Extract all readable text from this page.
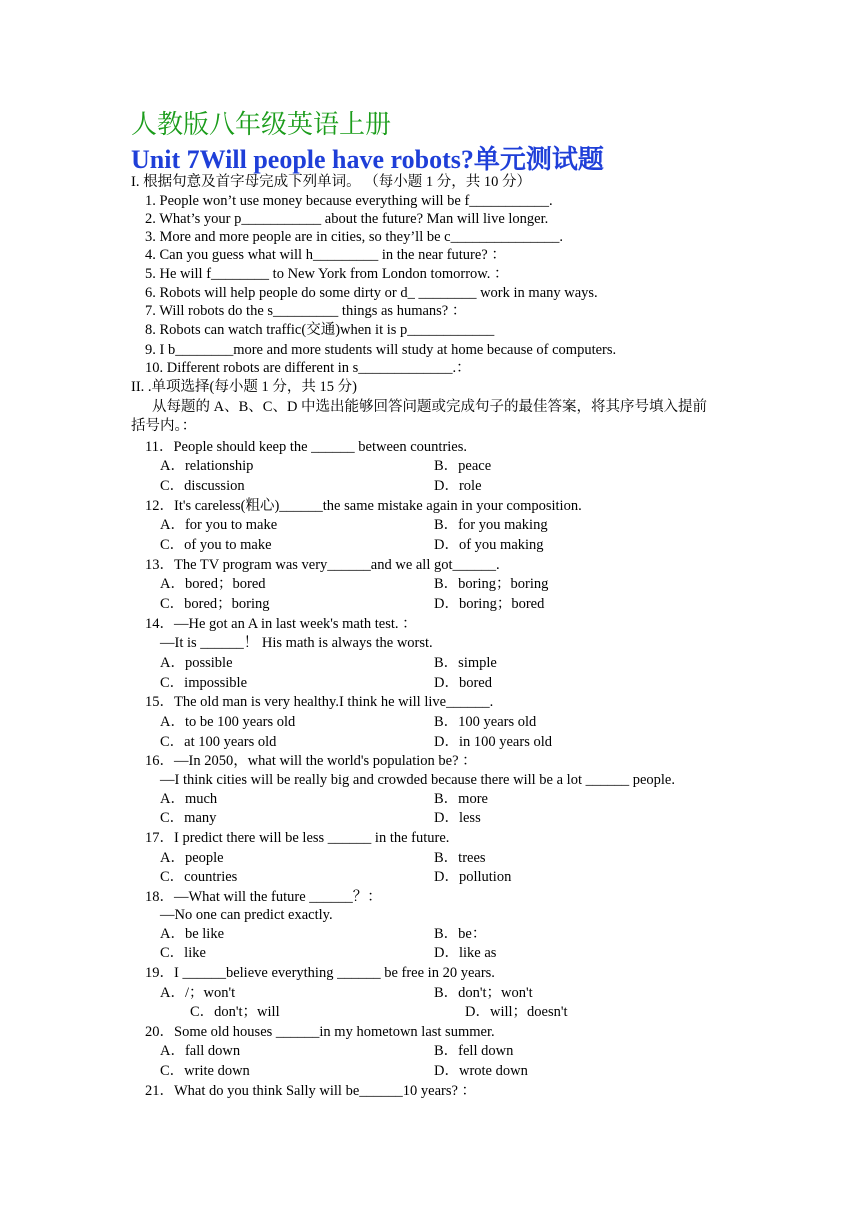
人教版八年级英语上册
Unit 7Will people have robots?单元测试题
I. 根据句意及首字母完成下列单词。 （每小题 1 分，共 10 分）
1. People won’t use money because everything will be f___________.
2. What’s your p___________ about the future? Man will live longer.
3. More and more people are in cities, so they’ll be c_______________.
4. Can you guess what will h_________ in the near future? ：
5. He will f________ to New York from London tomorrow. ：
6. Robots will help people do some dirty or d_ ________ work in many ways.
7. Will robots do the s_________ things as humans? ：
8. Robots can watch traffic(交通)when it is p____________
9. I b________more and more students will study at home because of computers.
10. Different robots are different in s_____________.：
II. .单项选择(每小题 1 分，共 15 分)
从每题的 A、B、C、D 中选出能够回答问题或完成句子的最佳答案，将其序号填入提前
括号内。：
11．People should keep the ______ between countries.
A．relationship	B．peace
C．discussion	D．role
12．It's careless(粗心)______the same mistake again in your composition.
A．for you to make	B．for you making
C．of you to make	D．of you making
13．The TV program was very______and we all got______.
A．bored；bored	B．boring；boring
C．bored；boring	D．boring；bored
14．—He got an A in last week's math test. ：
—It is ______！ His math is always the worst.
A．possible	B．simple
C．impossible	D．bored
15．The old man is very healthy.I think he will live______.
A．to be 100 years old	B．100 years old
C．at 100 years old	D．in 100 years old
16．—In 2050，what will the world's population be? ：
—I think cities will be really big and crowded because there will be a lot ______ people.
A．much	B．more
C．many	D．less
17．I predict there will be less ______ in the future.
A．people	B．trees
C．countries	D．pollution
18．—What will the future ______？：
—No one can predict exactly.
A．be like	B．be：
C．like	D．like as
19．I ______believe everything ______ be free in 20 years.
A．/；won't	B．don't；won't
C．don't；will	D．will；doesn't
20．Some old houses ______in my hometown last summer.
A．fall down	B．fell down
C．write down	D．wrote down
21．What do you think Sally will be______10 years? ：
